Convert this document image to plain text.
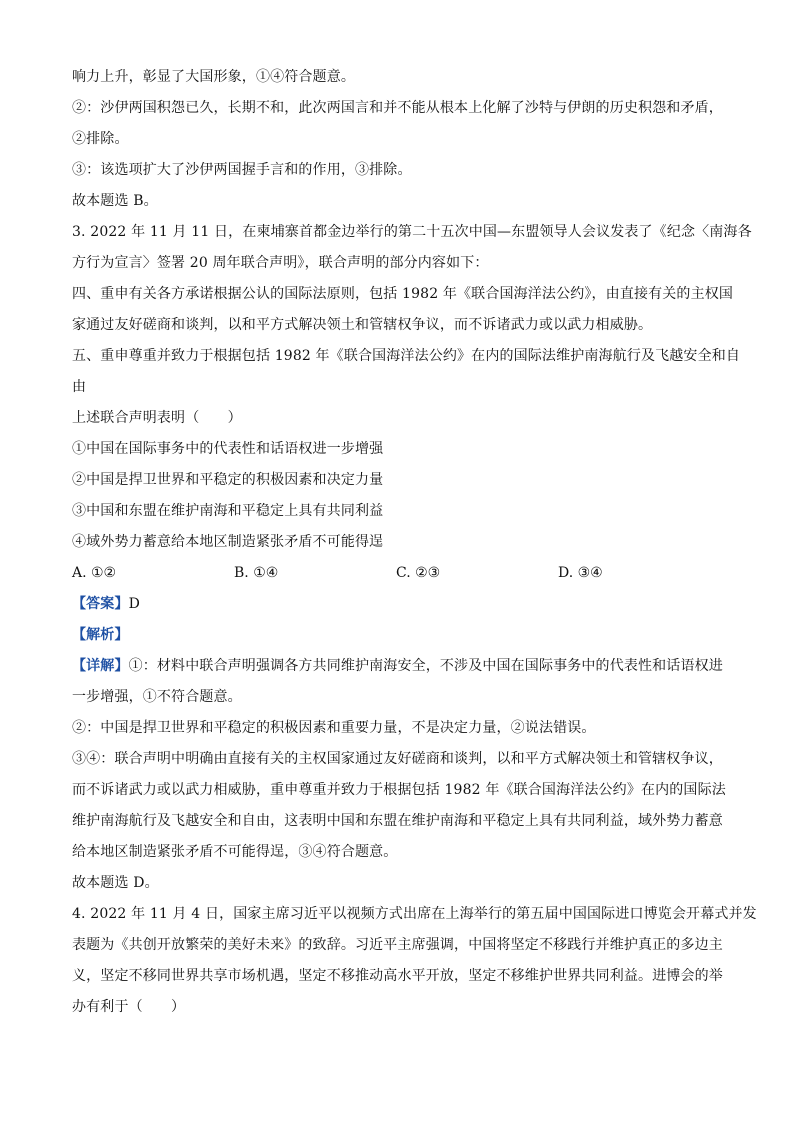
响力上升，彰显了大国形象，①④符合题意。
②：沙伊两国积怨已久，长期不和，此次两国言和并不能从根本上化解了沙特与伊朗的历史积怨和矛盾，
②排除。
③：该选项扩大了沙伊两国握手言和的作用，③排除。
故本题选 B。
3. 2022 年 11 月 11 日，在柬埔寨首都金边举行的第二十五次中国—东盟领导人会议发表了《纪念〈南海各
方行为宣言〉签署 20 周年联合声明》，联合声明的部分内容如下：
四、重申有关各方承诺根据公认的国际法原则，包括 1982 年《联合国海洋法公约》，由直接有关的主权国
家通过友好磋商和谈判，以和平方式解决领土和管辖权争议，而不诉诸武力或以武力相威胁。
五、重申尊重并致力于根据包括 1982 年《联合国海洋法公约》在内的国际法维护南海航行及飞越安全和自
由
上述联合声明表明（　　）
①中国在国际事务中的代表性和话语权进一步增强
②中国是捍卫世界和平稳定的积极因素和决定力量
③中国和东盟在维护南海和平稳定上具有共同利益
④域外势力蓄意给本地区制造紧张矛盾不可能得逞
A. ①②	B. ①④	C. ②③	D. ③④
【答案】D
【解析】
【详解】①：材料中联合声明强调各方共同维护南海安全，不涉及中国在国际事务中的代表性和话语权进
一步增强，①不符合题意。
②：中国是捍卫世界和平稳定的积极因素和重要力量，不是决定力量，②说法错误。
③④：联合声明中明确由直接有关的主权国家通过友好磋商和谈判，以和平方式解决领土和管辖权争议，
而不诉诸武力或以武力相威胁，重申尊重并致力于根据包括 1982 年《联合国海洋法公约》在内的国际法
维护南海航行及飞越安全和自由，这表明中国和东盟在维护南海和平稳定上具有共同利益，域外势力蓄意
给本地区制造紧张矛盾不可能得逞，③④符合题意。
故本题选 D。
4. 2022 年 11 月 4 日，国家主席习近平以视频方式出席在上海举行的第五届中国国际进口博览会开幕式并发
表题为《共创开放繁荣的美好未来》的致辞。习近平主席强调，中国将坚定不移践行并维护真正的多边主
义，坚定不移同世界共享市场机遇，坚定不移推动高水平开放，坚定不移维护世界共同利益。进博会的举
办有利于（　　）
